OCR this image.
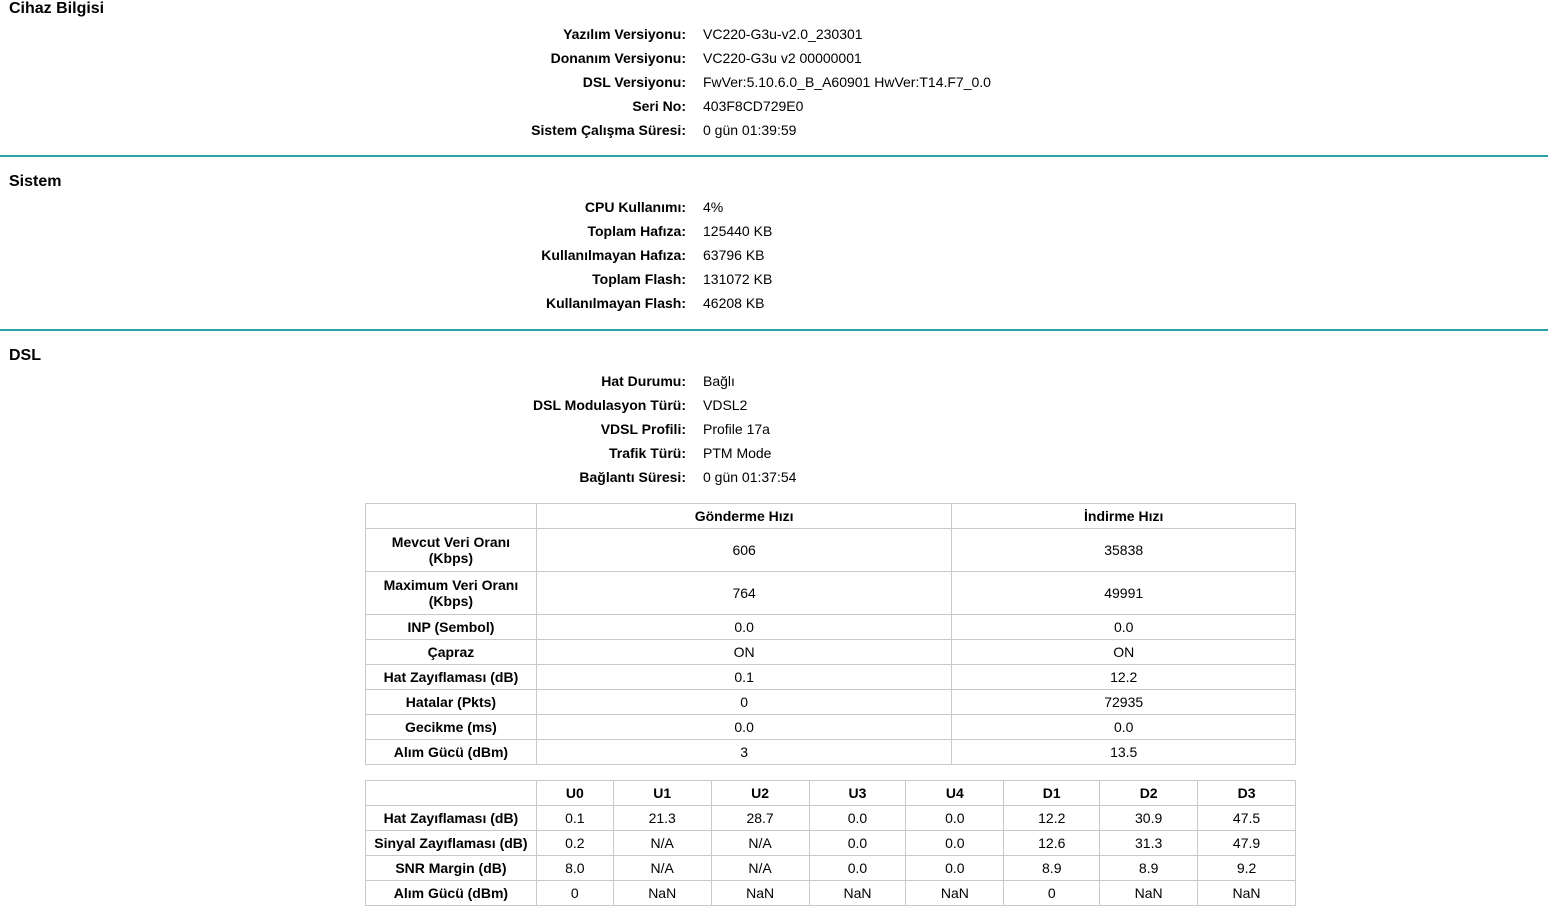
Cihaz Bilgisi
Yazılım Versiyonu: VC220-G3u-v2.0_230301
Donanım Versiyonu: VC220-G3u v2 00000001
DSL Versiyonu: FwVer:5.10.6.0_B_A60901 HwVer:T14.F7_0.0
Seri No: 403F8CD729E0
Sistem Çalışma Süresi: 0 gün 01:39:59
Sistem
CPU Kullanımı: 4%
Toplam Hafıza: 125440 KB
Kullanılmayan Hafıza: 63796 KB
Toplam Flash: 131072 KB
Kullanılmayan Flash: 46208 KB
DSL
Hat Durumu: Bağlı
DSL Modulasyon Türü: VDSL2
VDSL Profili: Profile 17a
Trafik Türü: PTM Mode
Bağlantı Süresi: 0 gün 01:37:54
	Gönderme Hızı	İndirme Hızı
Mevcut Veri Oranı (Kbps)	606	35838
Maximum Veri Oranı (Kbps)	764	49991
INP (Sembol)	0.0	0.0
Çapraz	ON	ON
Hat Zayıflaması (dB)	0.1	12.2
Hatalar (Pkts)	0	72935
Gecikme (ms)	0.0	0.0
Alım Gücü (dBm)	3	13.5
	U0	U1	U2	U3	U4	D1	D2	D3
Hat Zayıflaması (dB)	0.1	21.3	28.7	0.0	0.0	12.2	30.9	47.5
Sinyal Zayıflaması (dB)	0.2	N/A	N/A	0.0	0.0	12.6	31.3	47.9
SNR Margin (dB)	8.0	N/A	N/A	0.0	0.0	8.9	8.9	9.2
Alım Gücü (dBm)	0	NaN	NaN	NaN	NaN	0	NaN	NaN
